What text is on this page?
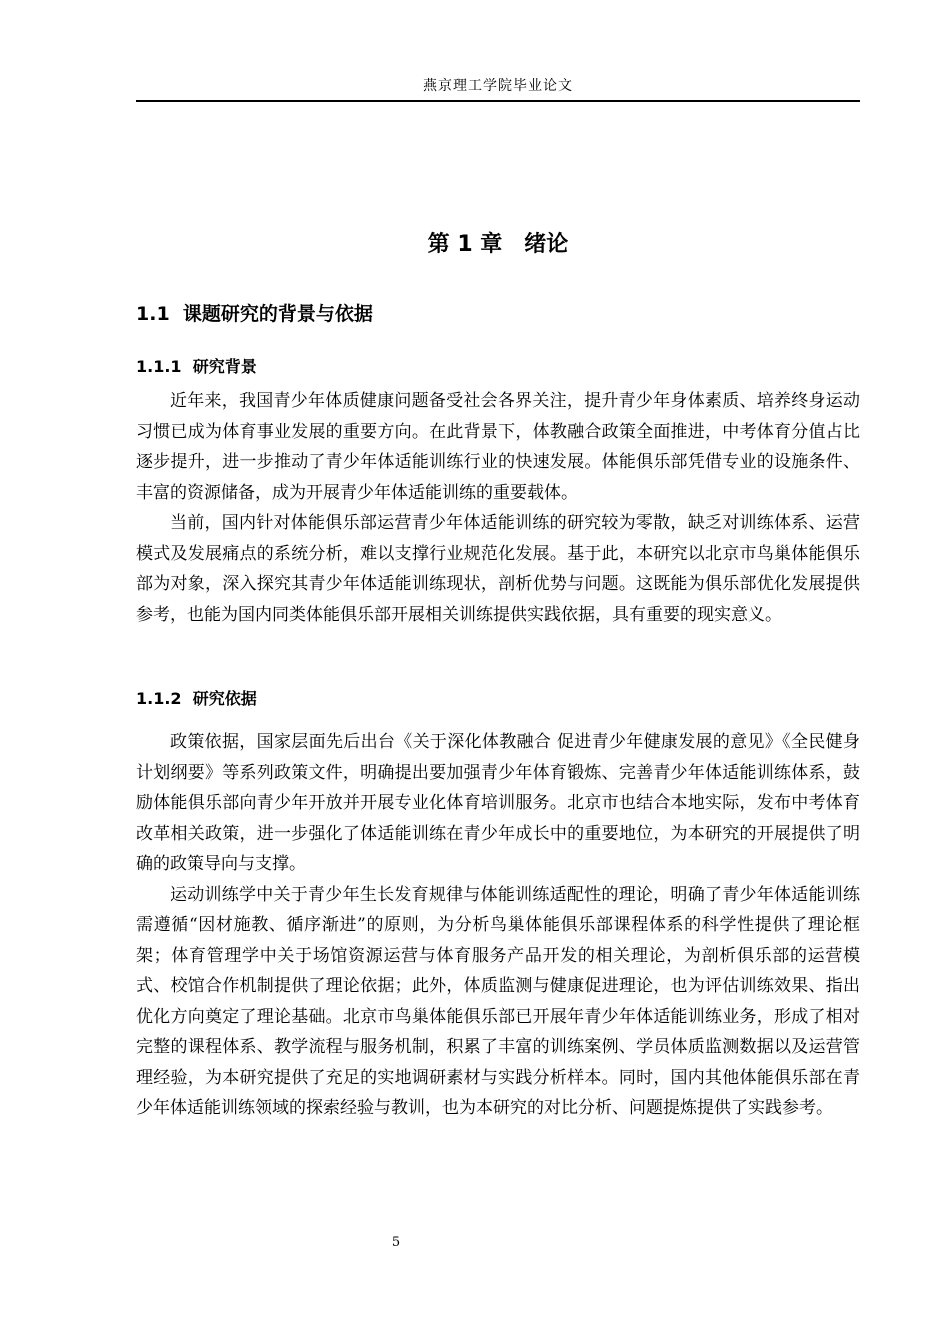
燕京理工学院毕业论文
第 1 章　绪论
1.1  课题研究的背景与依据
1.1.1  研究背景

近年来，我国青少年体质健康问题备受社会各界关注，提升青少年身体素质、培养终身运动习惯已成为体育事业发展的重要方向。在此背景下，体教融合政策全面推进，中考体育分值占比逐步提升，进一步推动了青少年体适能训练行业的快速发展。体能俱乐部凭借专业的设施条件、丰富的资源储备，成为开展青少年体适能训练的重要载体。

当前，国内针对体能俱乐部运营青少年体适能训练的研究较为零散，缺乏对训练体系、运营模式及发展痛点的系统分析，难以支撑行业规范化发展。基于此，本研究以北京市鸟巢体能俱乐部为对象，深入探究其青少年体适能训练现状，剖析优势与问题。这既能为俱乐部优化发展提供参考，也能为国内同类体能俱乐部开展相关训练提供实践依据，具有重要的现实意义。

1.1.2  研究依据

政策依据，国家层面先后出台《关于深化体教融合 促进青少年健康发展的意见》《全民健身计划纲要》等系列政策文件，明确提出要加强青少年体育锻炼、完善青少年体适能训练体系，鼓励体能俱乐部向青少年开放并开展专业化体育培训服务。北京市也结合本地实际，发布中考体育改革相关政策，进一步强化了体适能训练在青少年成长中的重要地位，为本研究的开展提供了明确的政策导向与支撑。

运动训练学中关于青少年生长发育规律与体能训练适配性的理论，明确了青少年体适能训练需遵循“因材施教、循序渐进”的原则，为分析鸟巢体能俱乐部课程体系的科学性提供了理论框架；体育管理学中关于场馆资源运营与体育服务产品开发的相关理论，为剖析俱乐部的运营模式、校馆合作机制提供了理论依据；此外，体质监测与健康促进理论，也为评估训练效果、指出优化方向奠定了理论基础。北京市鸟巢体能俱乐部已开展年青少年体适能训练业务，形成了相对完整的课程体系、教学流程与服务机制，积累了丰富的训练案例、学员体质监测数据以及运营管理经验，为本研究提供了充足的实地调研素材与实践分析样本。同时，国内其他体能俱乐部在青少年体适能训练领域的探索经验与教训，也为本研究的对比分析、问题提炼提供了实践参考。

5
